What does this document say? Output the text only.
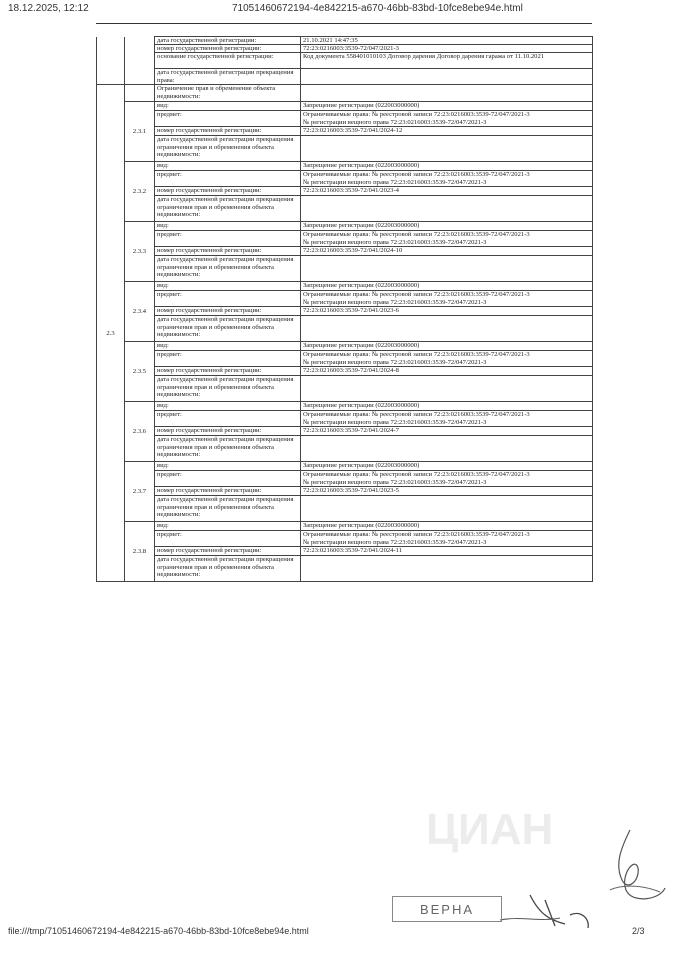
18.12.2025, 12:12	71051460672194-4e842215-a670-46bb-83bd-10fce8ebe94e.html
		дата государственной регистрации:	21.10.2021 14:47:35
		номер государственной регистрации:	72:23:0216003:3539-72/047/2021-3
		основание государственной регистрации:	Код документа 558401010103 Договор дарения Договор дарения гаража от 11.10.2021
		дата государственной регистрации прекращения права:	
2.3		Ограничение прав и обременение объекта недвижимости:	
	2.3.1	вид:	Запрещение регистрации (022003000000)
		предмет:	Ограничиваемые права: № реестровой записи 72:23:0216003:3539-72/047/2021-3
№ регистрации вещного права 72:23:0216003:3539-72/047/2021-3

		номер государственной регистрации:	72:23:0216003:3539-72/041/2024-12
		дата государственной регистрации прекращения ограничения прав и обременения объекта недвижимости:	
	2.3.2	вид:	Запрещение регистрации (022003000000)
		предмет:	Ограничиваемые права: № реестровой записи 72:23:0216003:3539-72/047/2021-3
№ регистрации вещного права 72:23:0216003:3539-72/047/2021-3

		номер государственной регистрации:	72:23:0216003:3539-72/041/2023-4
		дата государственной регистрации прекращения ограничения прав и обременения объекта недвижимости:	
	2.3.3	вид:	Запрещение регистрации (022003000000)
		предмет:	Ограничиваемые права: № реестровой записи 72:23:0216003:3539-72/047/2021-3
№ регистрации вещного права 72:23:0216003:3539-72/047/2021-3

		номер государственной регистрации:	72:23:0216003:3539-72/041/2024-10
		дата государственной регистрации прекращения ограничения прав и обременения объекта недвижимости:	
	2.3.4	вид:	Запрещение регистрации (022003000000)
		предмет:	Ограничиваемые права: № реестровой записи 72:23:0216003:3539-72/047/2021-3
№ регистрации вещного права 72:23:0216003:3539-72/047/2021-3

		номер государственной регистрации:	72:23:0216003:3539-72/041/2023-6
		дата государственной регистрации прекращения ограничения прав и обременения объекта недвижимости:	
	2.3.5	вид:	Запрещение регистрации (022003000000)
		предмет:	Ограничиваемые права: № реестровой записи 72:23:0216003:3539-72/047/2021-3
№ регистрации вещного права 72:23:0216003:3539-72/047/2021-3

		номер государственной регистрации:	72:23:0216003:3539-72/041/2024-8
		дата государственной регистрации прекращения ограничения прав и обременения объекта недвижимости:	
	2.3.6	вид:	Запрещение регистрации (022003000000)
		предмет:	Ограничиваемые права: № реестровой записи 72:23:0216003:3539-72/047/2021-3
№ регистрации вещного права 72:23:0216003:3539-72/047/2021-3

		номер государственной регистрации:	72:23:0216003:3539-72/041/2024-7
		дата государственной регистрации прекращения ограничения прав и обременения объекта недвижимости:	
	2.3.7	вид:	Запрещение регистрации (022003000000)
		предмет:	Ограничиваемые права: № реестровой записи 72:23:0216003:3539-72/047/2021-3
№ регистрации вещного права 72:23:0216003:3539-72/047/2021-3

		номер государственной регистрации:	72:23:0216003:3539-72/041/2023-5
		дата государственной регистрации прекращения ограничения прав и обременения объекта недвижимости:	
	2.3.8	вид:	Запрещение регистрации (022003000000)
		предмет:	Ограничиваемые права: № реестровой записи 72:23:0216003:3539-72/047/2021-3
№ регистрации вещного права 72:23:0216003:3539-72/047/2021-3

		номер государственной регистрации:	72:23:0216003:3539-72/041/2024-11
		дата государственной регистрации прекращения ограничения прав и обременения объекта недвижимости:	
ЦИАН
ВЕРНА
file:///tmp/71051460672194-4e842215-a670-46bb-83bd-10fce8ebe94e.html	2/3
